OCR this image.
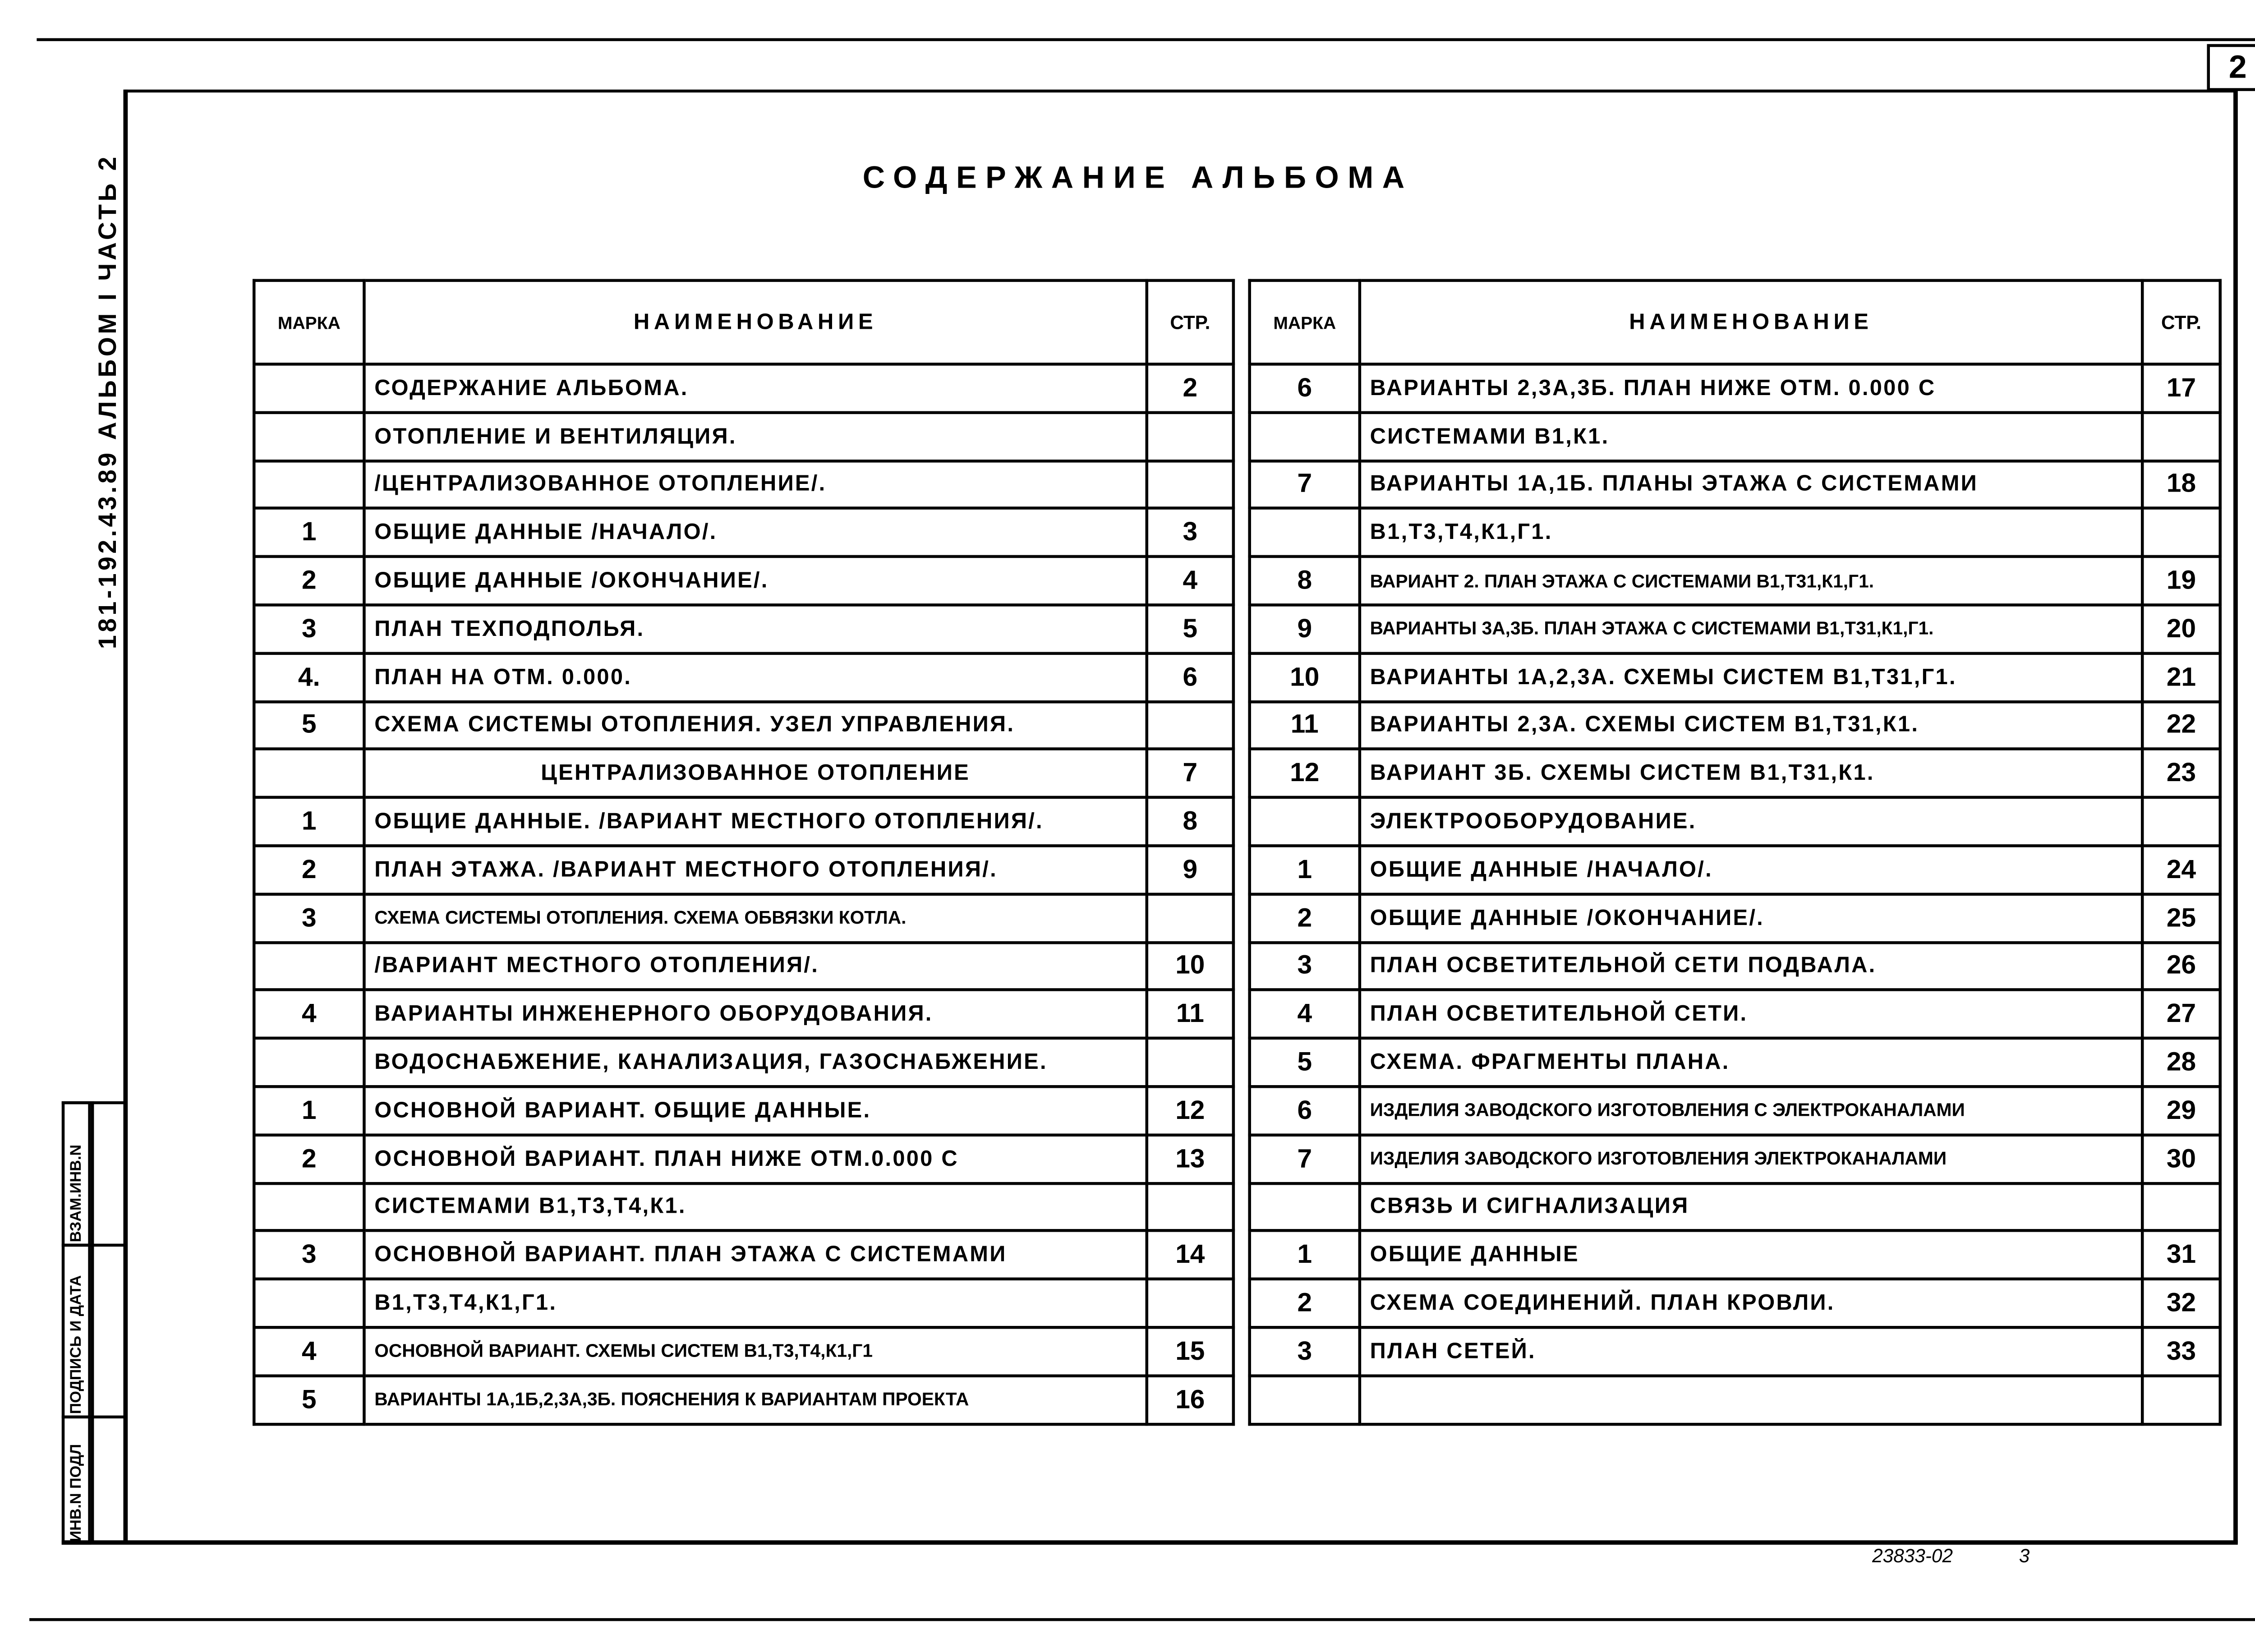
2
181-192.43.89 АЛЬБОМ I ЧАСТЬ 2
ВЗАМ.ИНВ.N
ПОДПИСЬ И ДАТА
ИНВ.N ПОДЛ
СОДЕРЖАНИЕ АЛЬБОМА
МАРКА	НАИМЕНОВАНИЕ	СТР.
	СОДЕРЖАНИЕ АЛЬБОМА.	2
	ОТОПЛЕНИЕ И ВЕНТИЛЯЦИЯ.	
	/ЦЕНТРАЛИЗОВАННОЕ ОТОПЛЕНИЕ/.	
1	ОБЩИЕ ДАННЫЕ /НАЧАЛО/.	3
2	ОБЩИЕ ДАННЫЕ /ОКОНЧАНИЕ/.	4
3	ПЛАН ТЕХПОДПОЛЬЯ.	5
4.	ПЛАН НА ОТМ. 0.000.	6
5	СХЕМА СИСТЕМЫ ОТОПЛЕНИЯ. УЗЕЛ УПРАВЛЕНИЯ.	
	ЦЕНТРАЛИЗОВАННОЕ ОТОПЛЕНИЕ	7
1	ОБЩИЕ ДАННЫЕ. /ВАРИАНТ МЕСТНОГО ОТОПЛЕНИЯ/.	8
2	ПЛАН ЭТАЖА. /ВАРИАНТ МЕСТНОГО ОТОПЛЕНИЯ/.	9
3	СХЕМА СИСТЕМЫ ОТОПЛЕНИЯ. СХЕМА ОБВЯЗКИ КОТЛА.	
	/ВАРИАНТ МЕСТНОГО ОТОПЛЕНИЯ/.	10
4	ВАРИАНТЫ ИНЖЕНЕРНОГО ОБОРУДОВАНИЯ.	11
	ВОДОСНАБЖЕНИЕ, КАНАЛИЗАЦИЯ, ГАЗОСНАБЖЕНИЕ.	
1	ОСНОВНОЙ ВАРИАНТ. ОБЩИЕ ДАННЫЕ.	12
2	ОСНОВНОЙ ВАРИАНТ. ПЛАН НИЖЕ ОТМ.0.000 С	13
	СИСТЕМАМИ В1,Т3,Т4,К1.	
3	ОСНОВНОЙ ВАРИАНТ. ПЛАН ЭТАЖА С СИСТЕМАМИ	14
	В1,Т3,Т4,К1,Г1.	
4	ОСНОВНОЙ ВАРИАНТ. СХЕМЫ СИСТЕМ В1,Т3,Т4,К1,Г1	15
5	ВАРИАНТЫ 1А,1Б,2,3А,3Б. ПОЯСНЕНИЯ К ВАРИАНТАМ ПРОЕКТА	16
МАРКА	НАИМЕНОВАНИЕ	СТР.
6	ВАРИАНТЫ 2,3А,3Б. ПЛАН НИЖЕ ОТМ. 0.000 С	17
	СИСТЕМАМИ В1,К1.	
7	ВАРИАНТЫ 1А,1Б. ПЛАНЫ ЭТАЖА С СИСТЕМАМИ	18
	В1,Т3,Т4,К1,Г1.	
8	ВАРИАНТ 2. ПЛАН ЭТАЖА С СИСТЕМАМИ В1,Т31,К1,Г1.	19
9	ВАРИАНТЫ 3А,3Б. ПЛАН ЭТАЖА С СИСТЕМАМИ В1,Т31,К1,Г1.	20
10	ВАРИАНТЫ 1А,2,3А. СХЕМЫ СИСТЕМ В1,Т31,Г1.	21
11	ВАРИАНТЫ 2,3А. СХЕМЫ СИСТЕМ В1,Т31,К1.	22
12	ВАРИАНТ 3Б. СХЕМЫ СИСТЕМ В1,Т31,К1.	23
	ЭЛЕКТРООБОРУДОВАНИЕ.	
1	ОБЩИЕ ДАННЫЕ /НАЧАЛО/.	24
2	ОБЩИЕ ДАННЫЕ /ОКОНЧАНИЕ/.	25
3	ПЛАН ОСВЕТИТЕЛЬНОЙ СЕТИ ПОДВАЛА.	26
4	ПЛАН ОСВЕТИТЕЛЬНОЙ СЕТИ.	27
5	СХЕМА. ФРАГМЕНТЫ ПЛАНА.	28
6	ИЗДЕЛИЯ ЗАВОДСКОГО ИЗГОТОВЛЕНИЯ С ЭЛЕКТРОКАНАЛАМИ	29
7	ИЗДЕЛИЯ ЗАВОДСКОГО ИЗГОТОВЛЕНИЯ ЭЛЕКТРОКАНАЛАМИ	30
	СВЯЗЬ И СИГНАЛИЗАЦИЯ	
1	ОБЩИЕ ДАННЫЕ	31
2	СХЕМА СОЕДИНЕНИЙ. ПЛАН КРОВЛИ.	32
3	ПЛАН СЕТЕЙ.	33

23833-02	3
